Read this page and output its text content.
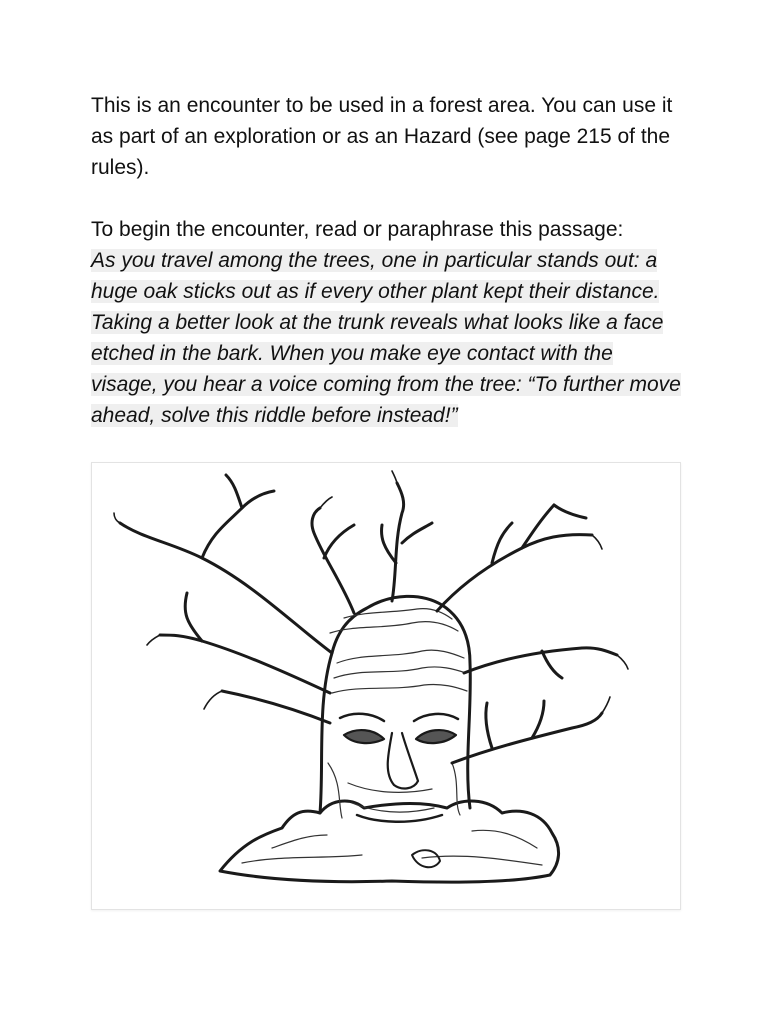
This is an encounter to be used in a forest area. You can use it as part of an exploration or as an Hazard (see page 215 of the rules).

To begin the encounter, read or paraphrase this passage:

As you travel among the trees, one in particular stands out: a huge oak sticks out as if every other plant kept their distance. Taking a better look at the trunk reveals what looks like a face etched in the bark. When you make eye contact with the visage, you hear a voice coming from the tree: “To further move ahead, solve this riddle before instead!”
